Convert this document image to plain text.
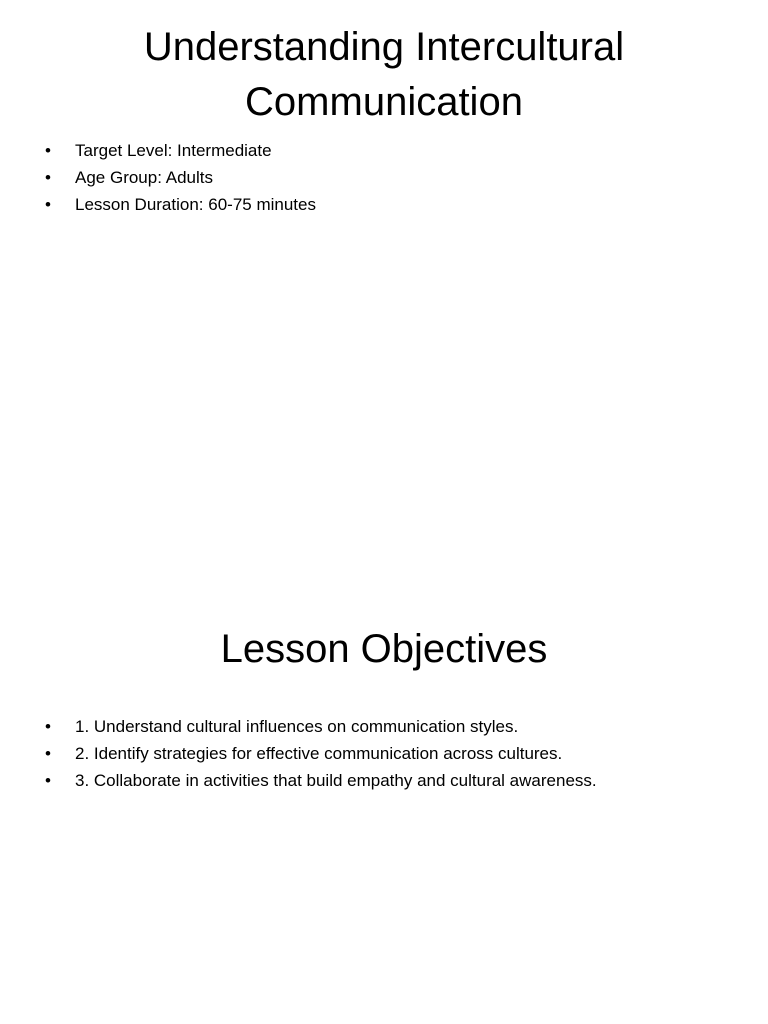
Understanding Intercultural Communication
• Target Level: Intermediate
• Age Group: Adults
• Lesson Duration: 60-75 minutes
Lesson Objectives
• 1. Understand cultural influences on communication styles.
• 2. Identify strategies for effective communication across cultures.
• 3. Collaborate in activities that build empathy and cultural awareness.
